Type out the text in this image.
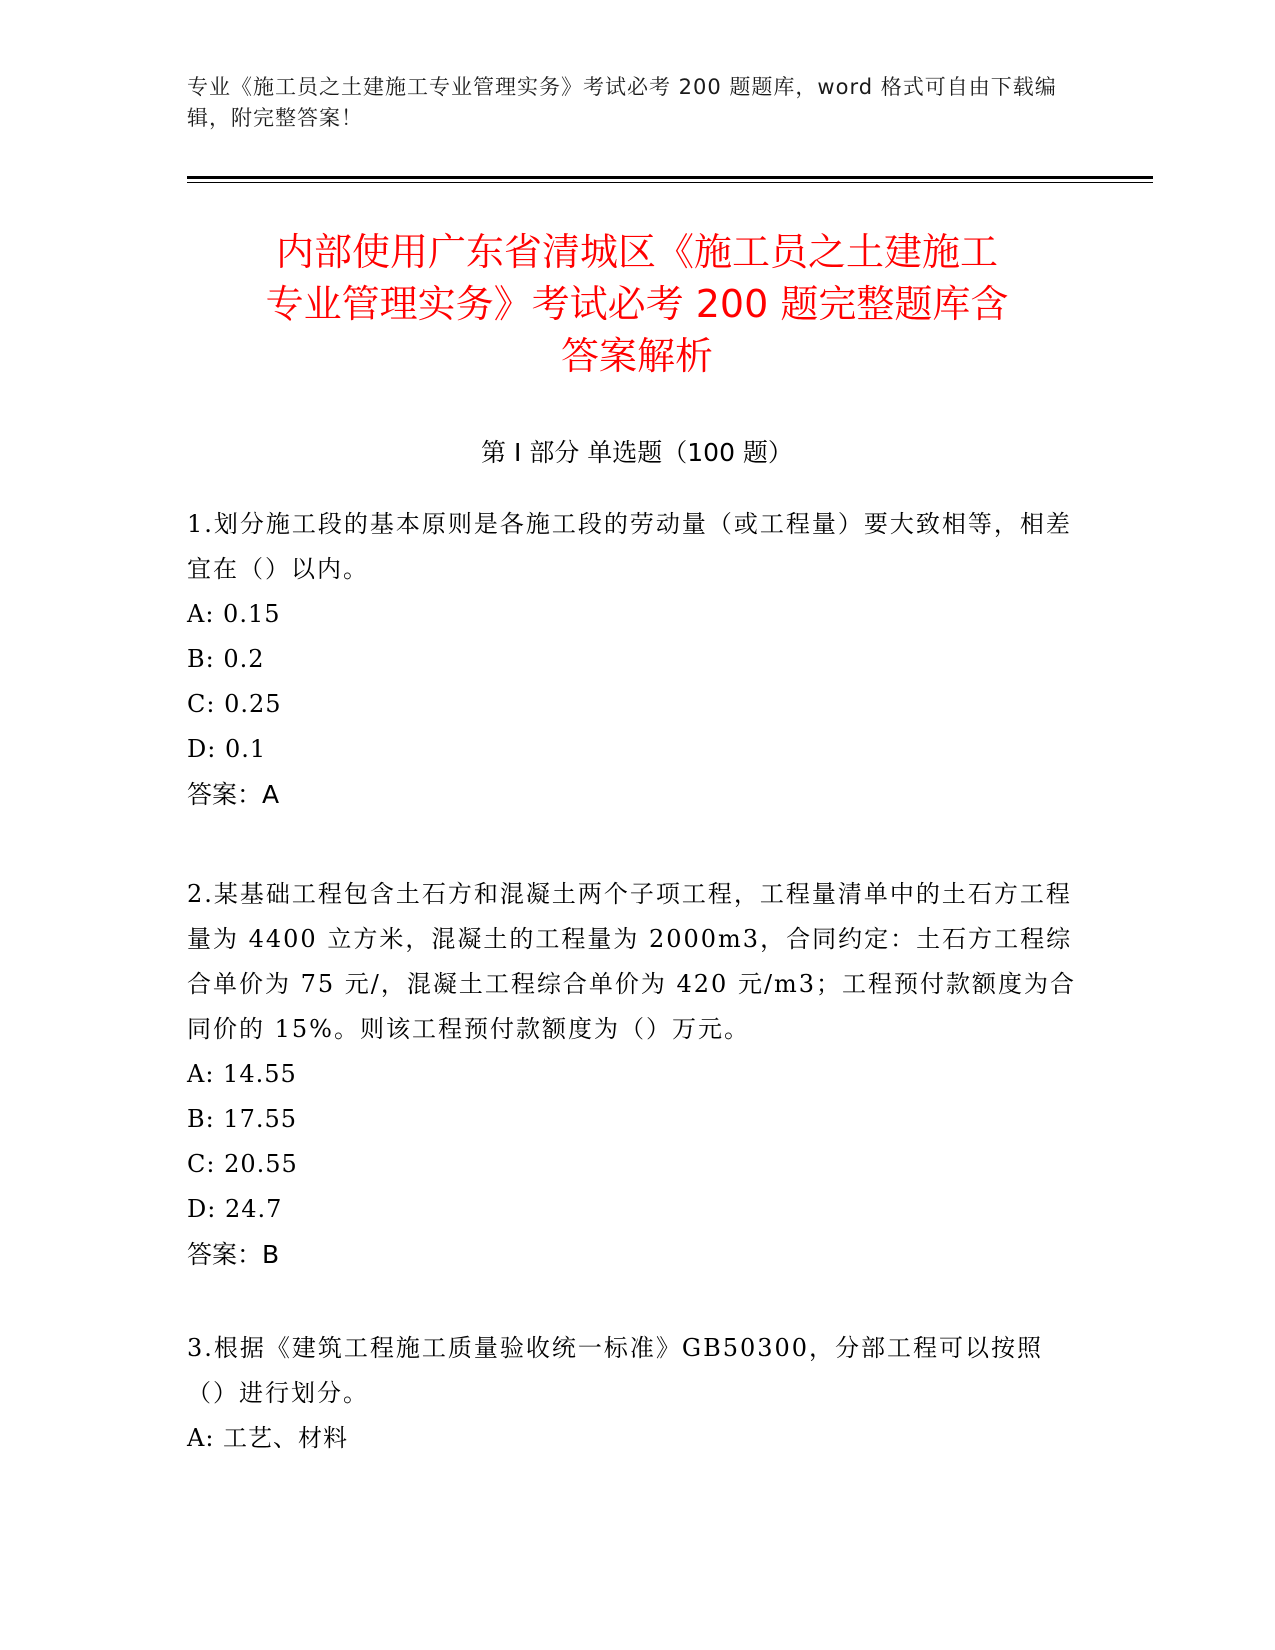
专业《施工员之土建施工专业管理实务》考试必考 200 题题库，word 格式可自由下载编辑，附完整答案！
内部使用广东省清城区《施工员之土建施工
专业管理实务》考试必考 200 题完整题库含
答案解析
第 I 部分 单选题（100 题）

1.划分施工段的基本原则是各施工段的劳动量（或工程量）要大致相等，相差宜在（）以内。

A: 0.15

B: 0.2

C: 0.25

D: 0.1

答案：A

2.某基础工程包含土石方和混凝土两个子项工程，工程量清单中的土石方工程量为 4400 立方米，混凝土的工程量为 2000m3，合同约定：土石方工程综合单价为 75 元/，混凝土工程综合单价为 420 元/m3；工程预付款额度为合同价的 15%。则该工程预付款额度为（）万元。

A: 14.55

B: 17.55

C: 20.55

D: 24.7

答案：B

3.根据《建筑工程施工质量验收统一标准》GB50300，分部工程可以按照（）进行划分。

A: 工艺、材料
